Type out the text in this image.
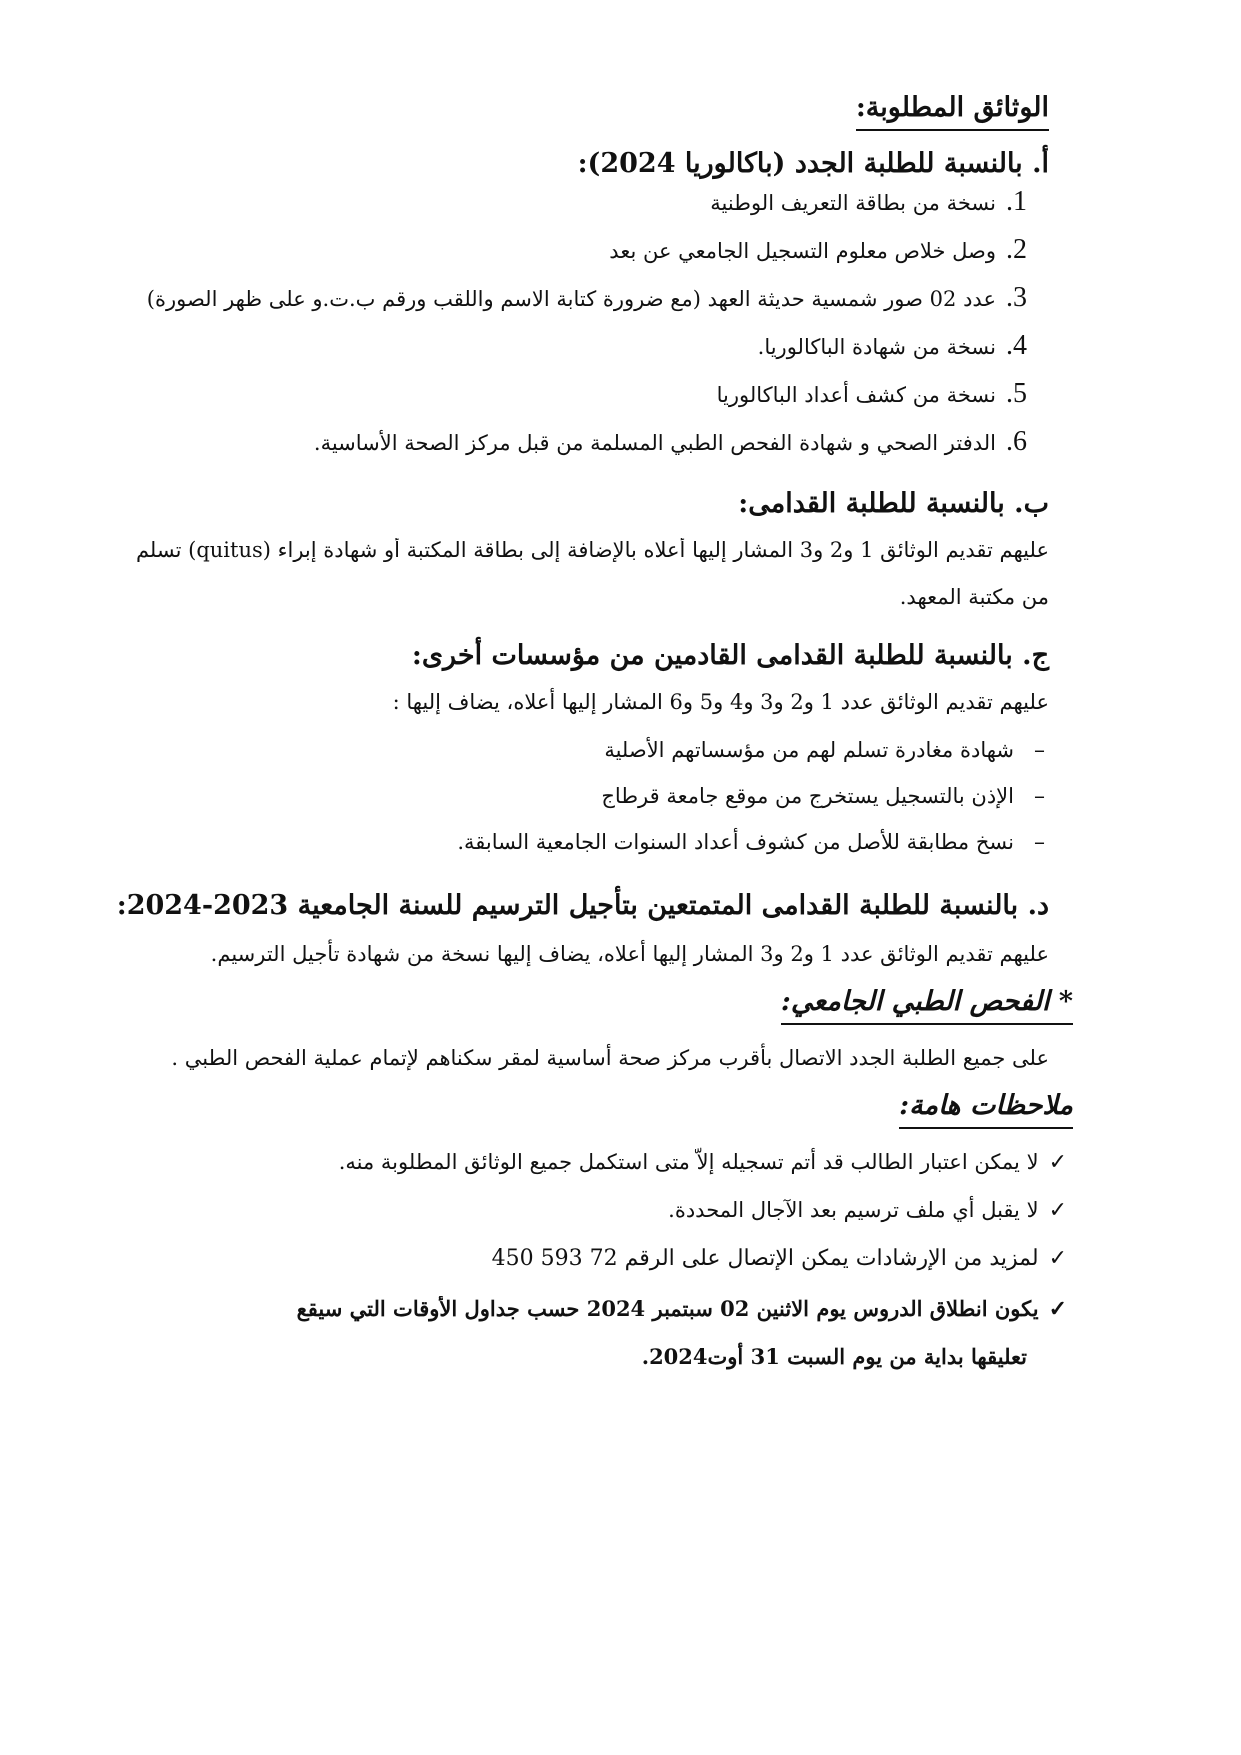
الوثائق المطلوبة:
أ. بالنسبة للطلبة الجدد (باكالوريا 2024):
1.نسخة من بطاقة التعريف الوطنية
2.وصل خلاص معلوم التسجيل الجامعي عن بعد
3.عدد 02 صور شمسية حديثة العهد (مع ضرورة كتابة الاسم واللقب ورقم ب.ت.و على ظهر الصورة)
4.نسخة من شهادة الباكالوريا.
5.نسخة من كشف أعداد الباكالوريا
6.الدفتر الصحي و شهادة الفحص الطبي المسلمة من قبل مركز الصحة الأساسية.
ب. بالنسبة للطلبة القدامى:
عليهم تقديم الوثائق 1 و2 و3 المشار إليها أعلاه بالإضافة إلى بطاقة المكتبة أو شهادة إبراء (quitus) تسلم
من مكتبة المعهد.
ج. بالنسبة للطلبة القدامى القادمين من مؤسسات أخرى:
عليهم تقديم الوثائق عدد 1 و2 و3 و4 و5 و6 المشار إليها أعلاه، يضاف إليها :
–شهادة مغادرة تسلم لهم من مؤسساتهم الأصلية
–الإذن بالتسجيل يستخرج من موقع جامعة قرطاج
–نسخ مطابقة للأصل من كشوف أعداد السنوات الجامعية السابقة.
د. بالنسبة للطلبة القدامى المتمتعين بتأجيل الترسيم للسنة الجامعية 2023-2024:
عليهم تقديم الوثائق عدد 1 و2 و3 المشار إليها أعلاه، يضاف إليها نسخة من شهادة تأجيل الترسيم.
* الفحص الطبي الجامعي:
على جميع الطلبة الجدد الاتصال بأقرب مركز صحة أساسية لمقر سكناهم لإتمام عملية الفحص الطبي .
ملاحظات هامة:
✓لا يمكن اعتبار الطالب قد أتم تسجيله إلاّ متى استكمل جميع الوثائق المطلوبة منه.
✓لا يقبل أي ملف ترسيم بعد الآجال المحددة.
✓لمزيد من الإرشادات يمكن الإتصال على الرقم 72 593 450
✓يكون انطلاق الدروس يوم الاثنين 02 سبتمبر 2024 حسب جداول الأوقات التي سيقع
تعليقها بداية من يوم السبت 31 أوت2024.
